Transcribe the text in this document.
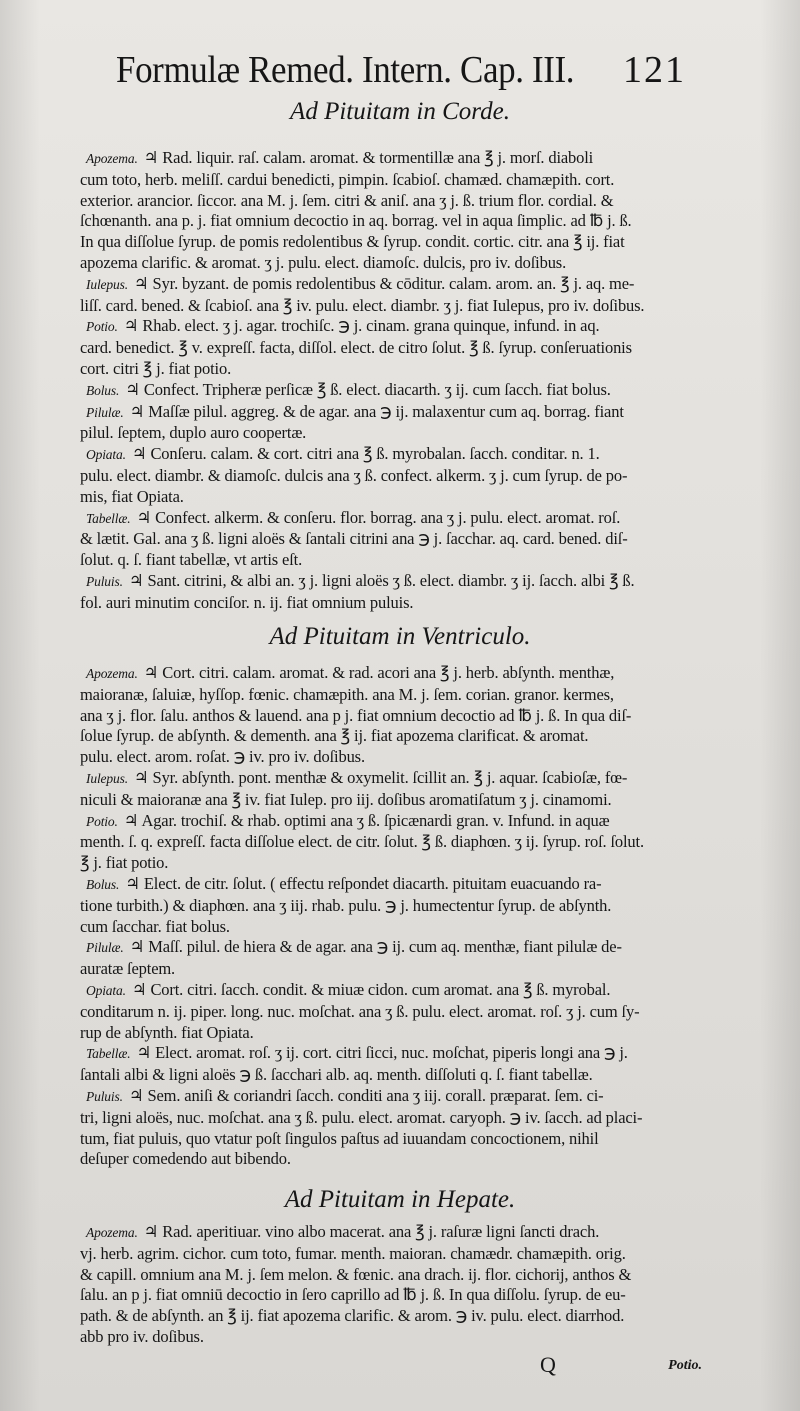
Formulæ Remed. Intern. Cap. III. 121
Ad Pituitam in Corde.
Apozema. ♃ Rad. liquir. raſ. calam. aromat. & tormentillæ ana ℥ j. morſ. diaboli
cum toto, herb. meliſſ. cardui benedicti, pimpin. ſcabioſ. chamæd. chamæpith. cort.
exterior. arancior. ſiccor. ana M. j. ſem. citri & aniſ. ana ʒ j. ß. trium flor. cordial. &
ſchœnanth. ana p. j. fiat omnium decoctio in aq. borrag. vel in aqua ſimplic. ad ℔ j. ß.
In qua diſſolue ſyrup. de pomis redolentibus & ſyrup. condit. cortic. citr. ana ℥ ij. fiat
apozema clarific. & aromat. ʒ j. pulu. elect. diamoſc. dulcis, pro iv. doſibus.
Iulepus. ♃ Syr. byzant. de pomis redolentibus & cōditur. calam. arom. an. ℥ j. aq. me-
liſſ. card. bened. & ſcabioſ. ana ℥ iv. pulu. elect. diambr. ʒ j. fiat Iulepus, pro iv. doſibus.
Potio. ♃ Rhab. elect. ʒ j. agar. trochiſc. ℈ j. cinam. grana quinque, infund. in aq.
card. benedict. ℥ v. expreſſ. facta, diſſol. elect. de citro ſolut. ℥ ß. ſyrup. conſeruationis
cort. citri ℥ j. fiat potio.
Bolus. ♃ Confect. Tripheræ perſicæ ℥ ß. elect. diacarth. ʒ ij. cum ſacch. fiat bolus.
Pilulæ. ♃ Maſſæ pilul. aggreg. & de agar. ana ℈ ij. malaxentur cum aq. borrag. fiant
pilul. ſeptem, duplo auro coopertæ.
Opiata. ♃ Conſeru. calam. & cort. citri ana ℥ ß. myrobalan. ſacch. conditar. n. 1.
pulu. elect. diambr. & diamoſc. dulcis ana ʒ ß. confect. alkerm. ʒ j. cum ſyrup. de po-
mis, fiat Opiata.
Tabellæ. ♃ Confect. alkerm. & conſeru. flor. borrag. ana ʒ j. pulu. elect. aromat. roſ.
& lætit. Gal. ana ʒ ß. ligni aloës & ſantali citrini ana ℈ j. ſacchar. aq. card. bened. diſ-
ſolut. q. ſ. fiant tabellæ, vt artis eſt.
Puluis. ♃ Sant. citrini, & albi an. ʒ j. ligni aloës ʒ ß. elect. diambr. ʒ ij. ſacch. albi ℥ ß.
fol. auri minutim conciſor. n. ij. fiat omnium puluis.
Ad Pituitam in Ventriculo.
Apozema. ♃ Cort. citri. calam. aromat. & rad. acori ana ℥ j. herb. abſynth. menthæ,
maioranæ, ſaluiæ, hyſſop. fœnic. chamæpith. ana M. j. ſem. corian. granor. kermes,
ana ʒ j. flor. ſalu. anthos & lauend. ana p j. fiat omnium decoctio ad ℔ j. ß. In qua diſ-
ſolue ſyrup. de abſynth. & dementh. ana ℥ ij. fiat apozema clarificat. & aromat.
pulu. elect. arom. roſat. ℈ iv. pro iv. doſibus.
Iulepus. ♃ Syr. abſynth. pont. menthæ & oxymelit. ſcillit an. ℥ j. aquar. ſcabioſæ, fœ-
niculi & maioranæ ana ℥ iv. fiat Iulep. pro iij. doſibus aromatiſatum ʒ j. cinamomi.
Potio. ♃ Agar. trochiſ. & rhab. optimi ana ʒ ß. ſpicænardi gran. v. Infund. in aquæ
menth. ſ. q. expreſſ. facta diſſolue elect. de citr. ſolut. ℥ ß. diaphœn. ʒ ij. ſyrup. roſ. ſolut.
℥ j. fiat potio.
Bolus. ♃ Elect. de citr. ſolut. ( effectu reſpondet diacarth. pituitam euacuando ra-
tione turbith.) & diaphœn. ana ʒ iij. rhab. pulu. ℈ j. humectentur ſyrup. de abſynth.
cum ſacchar. fiat bolus.
Pilulæ. ♃ Maſſ. pilul. de hiera & de agar. ana ℈ ij. cum aq. menthæ, fiant pilulæ de-
auratæ ſeptem.
Opiata. ♃ Cort. citri. ſacch. condit. & miuæ cidon. cum aromat. ana ℥ ß. myrobal.
conditarum n. ij. piper. long. nuc. moſchat. ana ʒ ß. pulu. elect. aromat. roſ. ʒ j. cum ſy-
rup de abſynth. fiat Opiata.
Tabellæ. ♃ Elect. aromat. roſ. ʒ ij. cort. citri ſicci, nuc. moſchat, piperis longi ana ℈ j.
ſantali albi & ligni aloës ℈ ß. ſacchari alb. aq. menth. diſſoluti q. ſ. fiant tabellæ.
Puluis. ♃ Sem. aniſi & coriandri ſacch. conditi ana ʒ iij. corall. præparat. ſem. ci-
tri, ligni aloës, nuc. moſchat. ana ʒ ß. pulu. elect. aromat. caryoph. ℈ iv. ſacch. ad placi-
tum, fiat puluis, quo vtatur poſt ſingulos paſtus ad iuuandam concoctionem, nihil
deſuper comedendo aut bibendo.
Ad Pituitam in Hepate.
Apozema. ♃ Rad. aperitiuar. vino albo macerat. ana ℥ j. raſuræ ligni ſancti drach.
vj. herb. agrim. cichor. cum toto, fumar. menth. maioran. chamædr. chamæpith. orig.
& capill. omnium ana M. j. ſem melon. & fœnic. ana drach. ij. flor. cichorij, anthos &
ſalu. an p j. fiat omniū decoctio in ſero caprillo ad ℔ j. ß. In qua diſſolu. ſyrup. de eu-
path. & de abſynth. an ℥ ij. fiat apozema clarific. & arom. ℈ iv. pulu. elect. diarrhod.
abb pro iv. doſibus.
Q	Potio.
